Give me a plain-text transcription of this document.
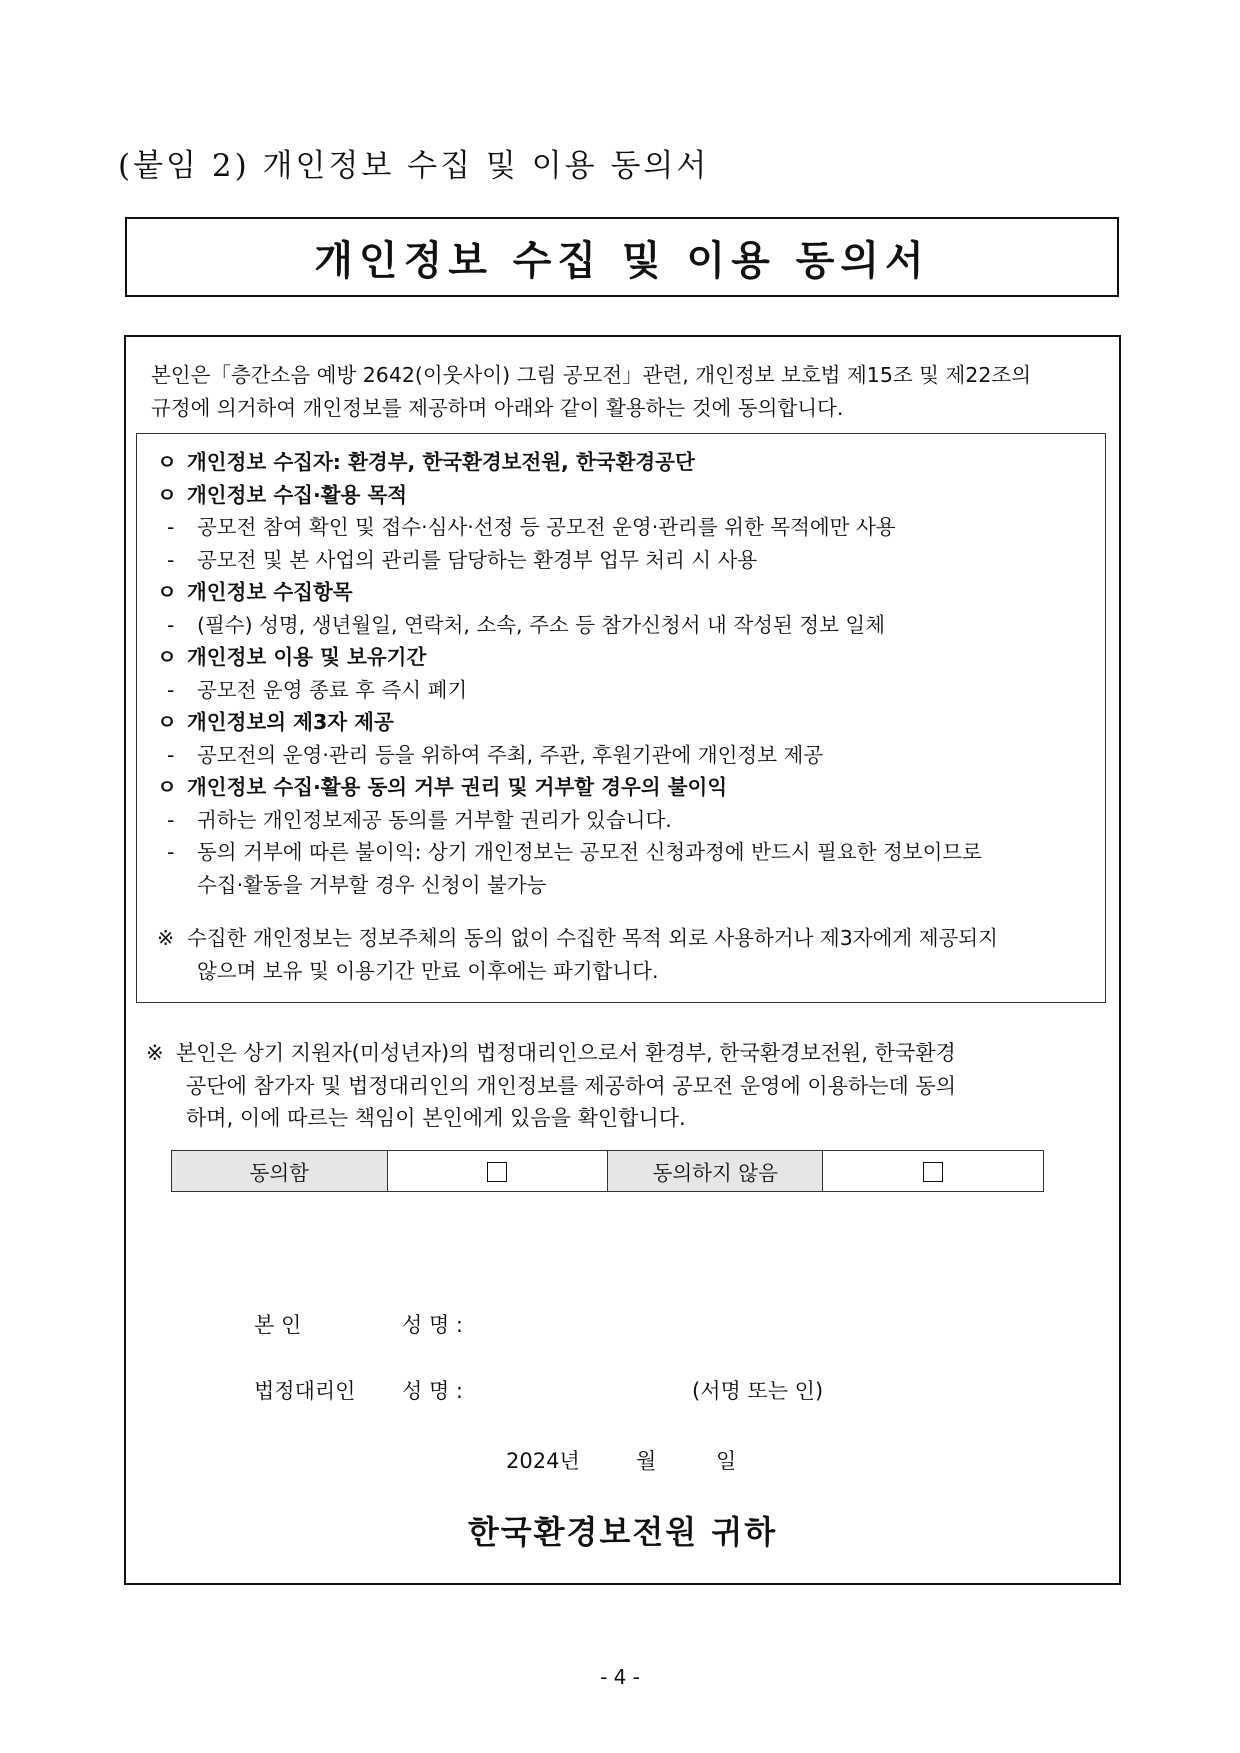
(붙임 2) 개인정보 수집 및 이용 동의서
개인정보 수집 및 이용 동의서
본인은「층간소음 예방 2642(이웃사이) 그림 공모전」관련, 개인정보 보호법 제15조 및 제22조의
규정에 의거하여 개인정보를 제공하며 아래와 같이 활용하는 것에 동의합니다.
ㅇ 개인정보 수집자: 환경부, 한국환경보전원, 한국환경공단
ㅇ 개인정보 수집·활용 목적
- 공모전 참여 확인 및 접수·심사·선정 등 공모전 운영·관리를 위한 목적에만 사용
- 공모전 및 본 사업의 관리를 담당하는 환경부 업무 처리 시 사용
ㅇ 개인정보 수집항목
- (필수) 성명, 생년월일, 연락처, 소속, 주소 등 참가신청서 내 작성된 정보 일체
ㅇ 개인정보 이용 및 보유기간
- 공모전 운영 종료 후 즉시 폐기
ㅇ 개인정보의 제3자 제공
- 공모전의 운영·관리 등을 위하여 주최, 주관, 후원기관에 개인정보 제공
ㅇ 개인정보 수집·활용 동의 거부 권리 및 거부할 경우의 불이익
- 귀하는 개인정보제공 동의를 거부할 권리가 있습니다.
- 동의 거부에 따른 불이익: 상기 개인정보는 공모전 신청과정에 반드시 필요한 정보이므로
수집·활동을 거부할 경우 신청이 불가능
※ 수집한 개인정보는 정보주체의 동의 없이 수집한 목적 외로 사용하거나 제3자에게 제공되지
않으며 보유 및 이용기간 만료 이후에는 파기합니다.
※ 본인은 상기 지원자(미성년자)의 법정대리인으로서 환경부, 한국환경보전원, 한국환경
공단에 참가자 및 법정대리인의 개인정보를 제공하여 공모전 운영에 이용하는데 동의
하며, 이에 따르는 책임이 본인에게 있음을 확인합니다.
동의함		동의하지 않음	
본 인	성 명 :
법정대리인 성 명 :	(서명 또는 인)
2024년	월	일
한국환경보전원 귀하
- 4 -
